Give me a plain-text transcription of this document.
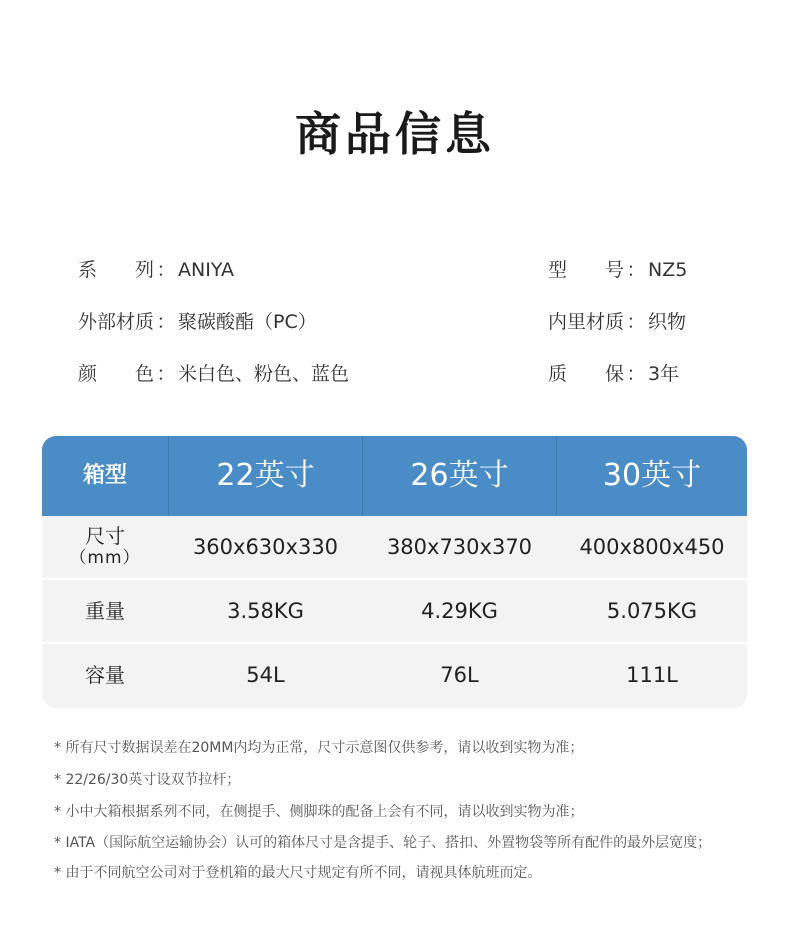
商品信息
系　　列 ： ANIYA	型　　号 ： NZ5
外部材质 ： 聚碳酸酯（PC）	内里材质 ： 织物
颜　　色 ： 米白色、粉色、蓝色	质　　保 ： 3年
箱型	22英寸	26英寸	30英寸
尺寸
（mm）	360x630x330	380x730x370	400x800x450
重量	3.58KG	4.29KG	5.075KG
容量	54L	76L	111L
* 所有尺寸数据误差在20MM内均为正常，尺寸示意图仅供参考，请以收到实物为准；
* 22/26/30英寸设双节拉杆；
* 小中大箱根据系列不同，在侧提手、侧脚珠的配备上会有不同，请以收到实物为准；
* IATA（国际航空运输协会）认可的箱体尺寸是含提手、轮子、搭扣、外置物袋等所有配件的最外层宽度；
* 由于不同航空公司对于登机箱的最大尺寸规定有所不同，请视具体航班而定。
